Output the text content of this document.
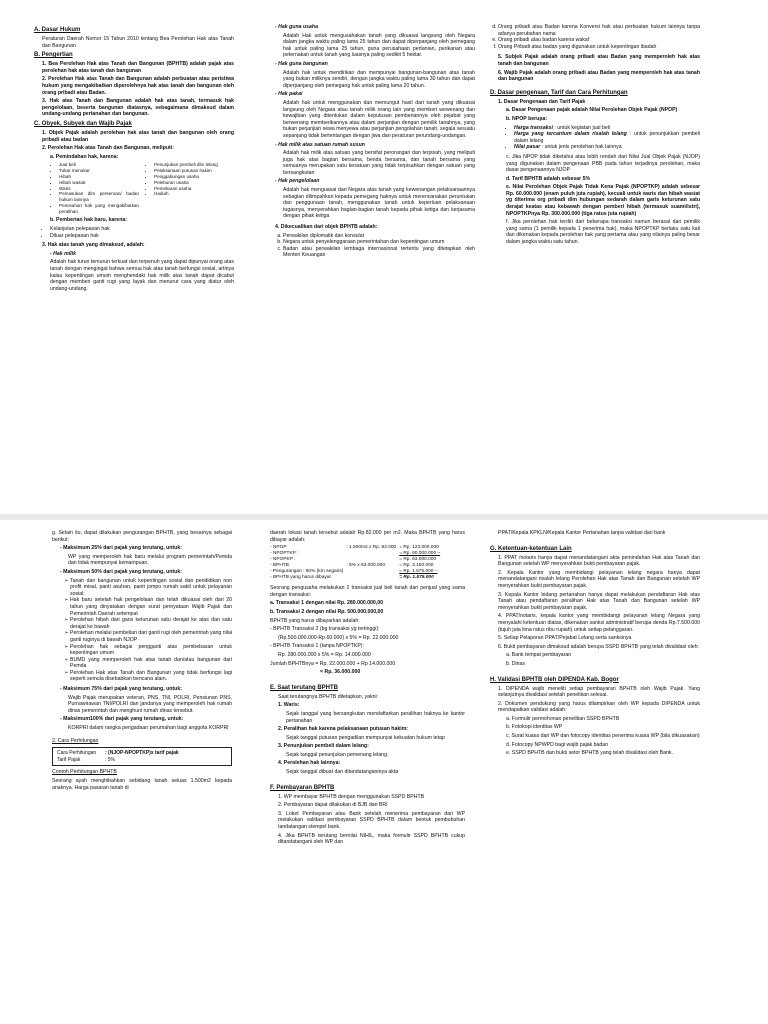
A. Dasar Hukum

Peraturan Daerah Nomor 15 Tahun 2010 tentang Bea Perolehan Hak atas Tanah dan Bangunan

B. Pengertian

1. Bea Perolehan Hak atas Tanah dan Bangunan (BPHTB) adalah pajak atas perolehan hak atas tanah dan bangunan

2. Perolehan Hak atas Tanah dan Bangunan adalah perbuatan atau peristiwa hukum yang mengakibatkan diperolehnya hak atas tanah dan bangunan oleh orang pribadi atau Badan.

3. Hak atas Tanah dan Bangunan adalah hak atas tanah, termasuk hak pengelolaan, beserta bangunan diatasnya, sebagaimana dimaksud dalam undang-undang pertanahan dan bangunan.

C. Obyek, Subyek dan Wajib Pajak

1. Objek Pajak adalah perolehan hak atas tanah dan bangunan oleh orang pribadi atau badan

2. Perolehan Hak atas Tanah dan Bangunan, meliputi:

a. Pemindahan hak, karena:

• Jual beli
• Tukar menukar
• Hibah
• Hibah wasiat
• Waris
• Pemasukan dlm perseroan/ badan hukum lainnya
• Pemisahan hak yang mengakibatkan peralihan
• Penunjukan pembeli dlm lelang
• Pelaksanaan putusan hakim
• Penggabungan usaha
• Peleburan usaha
• Pemekaran usaha
• Hadiah

b. Pemberian hak baru, karena:

• Kelanjutan pelepasan hak
• Diluar pelepasan hak

3. Hak atas tanah yang dimaksud, adalah:

- Hak milik

Adalah hak turun temurun terkuat dan terpenuh yang dapat dipunyai orang atas tanah dengan mengingat bahwa semua hak atas tanah berfungsi sosial, artinya kalau kepentingan umum menghendaki hak milik atas tanah dapat dicabut dengan memberi ganti rugi yang layak dan menurut cara yang diatur oleh undang-undang.

- Hak guna usaha

Adalah Hak untuk mengusahakan tanah yang dikuasai langsung oleh Negara dalam jangka waktu paling lama 25 tahun dan dapat diperpanjang oleh pemegang hak untuk paling lama 25 tahun, guna perusahaan pertanian, perikanan atau peternakan untuk tanah yang luasnya paling sedikit 5 hektar.

- Hak guna bangunan

Adalah hak untuk mendirikan dan mempunyai bangunan-bangunan atas tanah yang bukan miliknya sendiri, dengan jangka waktu paling lama 30 tahun dan dapat diperpanjang oleh pemegang hak untuk paling lama 20 tahun.

- Hak pakai

Adalah hak untuk menggunakan dan memungut hasil dari tanah yang dikuasai langsung oleh Negara atau tanah milik orang lain yang memberi wewenang dan kewajiban yang ditentukan dalam keputusan pemberiannya oleh pejabat yang berwenang memberikannya atau dalam perjanjian dengan pemilik tanahnya, yang bukan perjanjian sewa menyewa atau perjanjian pengolahan tanah, segala sesuatu sepanjang tidak bertentangan dengan jiwa dan peraturan perundang-undangan.

- Hak milik atas satuan rumah susun

Adalah hak milik atas satuan yang bersifat perorangan dan terpisah, yang meliputi juga hak atas bagian bersama, benda bersama, dan tanah bersama yang semuanya merupakan satu kesatuan yang tidak terpisahkan dengan satuan yang bersangkutan

- Hak pengelolaan

Adalah hak menguasai dari Negara atas tanah yang kewenangan pelaksanaannya sebagian dilimpahkan kepada pemegang haknya untuk merencanakan peruntukan dan penggunaan tanah, menggunakan tanah untuk keperluan pelaksanaan tugasnya, menyerahkan bagian-bagian tanah kepada pihak ketiga dan kerjasama dengan pihak ketiga

4. Dikecualikan dari objek BPHTB adalah:

a. Perwakilan diplomatik dan konsulat
b. Negara untuk penyelenggaraan pemerintahan dan kepentingan umum
c. Badan atau perwakilan lembaga internasional tertentu yang ditetapkan oleh Menteri Keuangan
d. Orang pribadi atau Badan karena Konversi hak atau perbuatan hukum lainnya tanpa adanya perubahan nama
e. Orang pribadi atau badan karena wakaf
f. Orang Pribadi atau badan yang digunakan untuk kepentingan ibadah

5. Subjek Pajak adalah orang pribadi atau Badan yang memperoleh hak atas tanah dan bangunan

6. Wajib Pajak adalah orang pribadi atau Badan yang memperoleh hak atas tanah dan bangunan

D. Dasar pengenaan, Tarif dan Cara Perhitungan

1. Dasar Pengenaan dan Tarif Pajak

a. Dasar Pengenaan pajak adalah Nilai Perolehan Objek Pajak (NPOP)

b. NPOP berupa:

• Harga transaksi : untuk kegiatan jual beli
• Harga yang tercantum dalam risalah lelang : untuk penunjukkan pembeli dalam lelang
• Nilai pasar : untuk jenis perolehan hak lainnya

c. Jika NPOP tidak diketahui atau lebih rendah dari Nilai Jual Objek Pajak (NJOP) yang digunakan dalam pengenaan PBB pada tahun terjadinya perolehan, maka dasar pengenaannya NJOP

d. Tarif BPHTB adalah sebesar 5%

e. Nilai Perolehan Objek Pajak Tidak Kena Pajak (NPOPTKP) adalah sebesar Rp. 60.000.000 (enam puluh juta rupiah), kecuali untuk waris dan hibah wasiat yg diterima org pribadi dlm hubungan sedarah dalam garis keturunan satu derajat keatas atau kebawah dengan pemberi hibah (termasuk suami/istri), NPOPTKPnya Rp. 300.000.000 (tiga ratus juta rupiah)

f. Jika perolehan hak terdiri dari beberapa transaksi namun berasal dari pemilik yang sama (1 pemilik kepada 1 penerima hak), maka NPOPTKP berlaku satu kali dan dikenakan kepada perolehan hak yang pertama atau yang nilainya paling besar dalam jangka waktu satu tahun.

g. Selain itu, dapat dilakukan pengurangan BPHTB, yang besarnya sebagai berikut:

- Maksimum 25% dari pajak yang terutang, untuk:

WP yang memperoleh hak baru melalui program pemerintah/Pemda dan tidak mempunyai kemampuan.

- Maksimum 50% dari pajak yang terutang, untuk:

➢ Tanah dan bangunan untuk kepentingan sosial dan pendidikan non profit misal, panti asuhan, panti jompo rumah sakit untuk pelayanan sosial;
➢ Hak baru setelah hak pengelolaan dan telah dikuasai oleh dari 20 tahun yang dinyatakan dengan surat pernyataan Wajib Pajak dan Pemerintah Daerah setempat
➢ Perolehan hibah dari garis keturunan satu derajat ke atas dan satu derajat ke bawah
➢ Perolehan melalui pembelian dari ganti rugi oleh pemerintah yang nilai ganti ruginya di bawah NJOP
➢ Perolehan hak sebagai pengganti atas pembebasan untuk kepentingan umum
➢ BUMD yang memperoleh hak atas tanah dan/atau bangunan dari Pemda
➢ Perolehan Hak atas Tanah dan Bangunan yang tidak berfungsi lagi seperti semula disebabkan bencana alam.

- Maksimum 75% dari pajak yang terutang, untuk:

Wajib Pajak merupakan veteran, PNS, TNI, POLRI, Pensiunan PNS, Purnawirawan TNI/POLRI dan jandanya yang memperoleh hak rumah dinas pemerintah dan menghuni rumah dinas tersebut.

- Maksimum100% dari pajak yang terutang, untuk:

KORPRI dalam rangka pengadaan perumahan bagi anggota KORPRI

2. Cara Perhitungan

Cara Perhitungan : (NJOP-NPOPTKP)x tarif pajak
Tarif Pajak	: 5%

Contoh Perhitungan BPHTB

Seorang ayah menghibahkan sebidang tanah seluas 1.500m2 kepada anaknya. Harga pasaran tanah di

daerah lokasi tanah tersebut adalah Rp.82.000 per m2. Maka BPHTB yang harus dibayar adalah:

- NPOP	: 1.500m2 x Rp. 82.000	= Rp. 123.000.000
- NPOPTKP :		= Rp. 60.000.000 –
- NPOPKP :		= Rp. 63.000.000
- BPHTB	: 5% x 63.000.000	= Rp. 3.150.000
- Pengurangan : 50% (krn segaris)		= Rp. 1.575.000 –
- BPHTB yang harus dibayar		= Rp. 1.575.000

Seorang pengusaha melakukan 2 transaksi jual beli tanah dari penjual yang sama dengan transaksi:

a. Transaksi 1 dengan nilai Rp. 280.000.000,00

b. Transaksi 2 dengan nilai Rp. 500.000.000,00

BPHTB yang harus dibayarkan adalah:

- BPHTB Transaksi 2 (bg transaksi yg tertinggi):

(Rp.500.000.000-Rp.60.000) x 5% = Rp. 22.000.000

- BPHTB Transaksi 1 (tanpa NPOPTKP):

Rp. 280.000.000 x 5% = Rp. 14.000.000

Jumlah BPHTBnya = Rp. 22.000.000 + Rp 14.000.000

= Rp. 36.000.000

E. Saat terutang BPHTB

Saat terutangnya BPHTB ditetapkan, yakni:

1. Waris:

Sejak tanggal yang bersangkutan mendaftarkan peralihan haknya ke kantor pertanahan

2. Peralihan hak karena pelaksanaan putusan hakim:

Sejak tanggal putusan pengadilan mempunyai kekuatan hukum tetap

3. Penunjukan pembeli dalam lelang:

Sejak tanggal penunjukan pemenang lelang.

4. Perolehan hak lainnya:

Sejak tanggal dibuat dan ditandatanganinya akta

F. Pembayaran BPHTB

1. WP membayar BPHTB dengan menggunakan SSPD BPHTB

2. Pembayaran dapat dilakukan di BJB dan BRI

3. Loket Pembayaran atau Bank setelah menerima pembayaran dari WP melakukan validasi pembayaran SSPD BPHTB dalam bentuk pembubuhan tandatangan stempel bank.

4. Jika BPHTB terutang bernilai NIHIL, maka formulir SSPD BPHTB cukup ditandatangani oleh WP dan

PPAT/Kepala KPKLN/Kepala Kantor Pertanahan tanpa validasi dari bank

G. Ketentuan-ketentuan Lain

1. PPAT /notaris hanya dapat menandatangani akta pemindahan Hak atas Tanah dan Bangunan setelah WP menyerahkan bukti pembayaran pajak.

2. Kepala Kantor yang membidangi pelayanan lelang negara hanya dapat menandatangani risalah lelang Perolehan Hak atas Tanah dan Bangunan setelah WP menyerahkan bukti pembayaran pajak.

3. Kepala Kantor bidang pertanahan hanya dapat melakukan pendaftaran Hak atas Tanah atau pendaftaran peralihan Hak atas Tanah dan Bangunan setelah WP menyerahkan bukti pembayaran pajak.

4. PPAT/notaris, kepala kantor yang membidangi pelayanan lelang Negara yang menyalahi ketentuan diatas, dikenakan sanksi administratif berupa denda Rp.7.500.000 (tujuh juta lima ratus ribu rupiah) untuk setiap pelanggaran.

5. Setiap Pelaporan PPAT/Pejabat Lelang serta sanksinya

6. Bukti pembayaran dimaksud adalah berupa SSPD BPHTB yang telah divalidasi oleh:

a. Bank tempat pembayaran

b. Dinas

H. Validasi BPHTB oleh DIPENDA Kab. Bogor

1. DIPENDA wajib meneliti setiap pembayaran BPHTB oleh Wajib Pajak. Yang selanjutnya divalidasi setelah penelitian selesai.

2. Dokumen pendukung yang harus dilampirkan oleh WP kepada DIPENDA untuk mendapatkan validasi adalah:

a. Formulir permohonan penelitian SSPD BPHTB

b. Fotokopi identitas WP

c. Surat kuasa dari WP dan fotocopy identitas penerima kuasa WP (bila dikuasakan)

d. Fotocopy NPWPD bagi wajib pajak badan

e. SSPD BPHTB dan bukti setor BPHTB yang telah divalidasi oleh Bank.
